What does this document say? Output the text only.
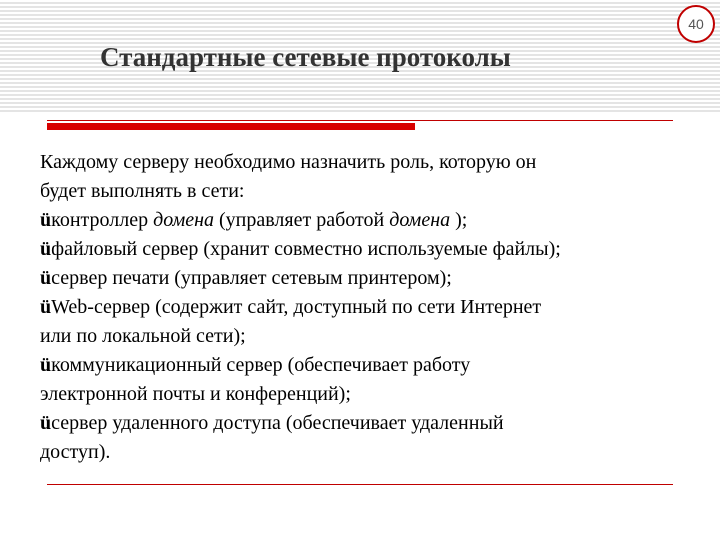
40
Стандартные сетевые протоколы
Каждому серверу необходимо назначить роль, которую он
будет выполнять в сети:
üконтроллер домена (управляет работой домена );
üфайловый сервер (хранит совместно используемые файлы);
üсервер печати (управляет сетевым принтером);
üWeb-сервер (содержит сайт, доступный по сети Интернет
или по локальной сети);
üкоммуникационный сервер (обеспечивает работу
электронной почты и конференций);
üсервер удаленного доступа (обеспечивает удаленный
доступ).
